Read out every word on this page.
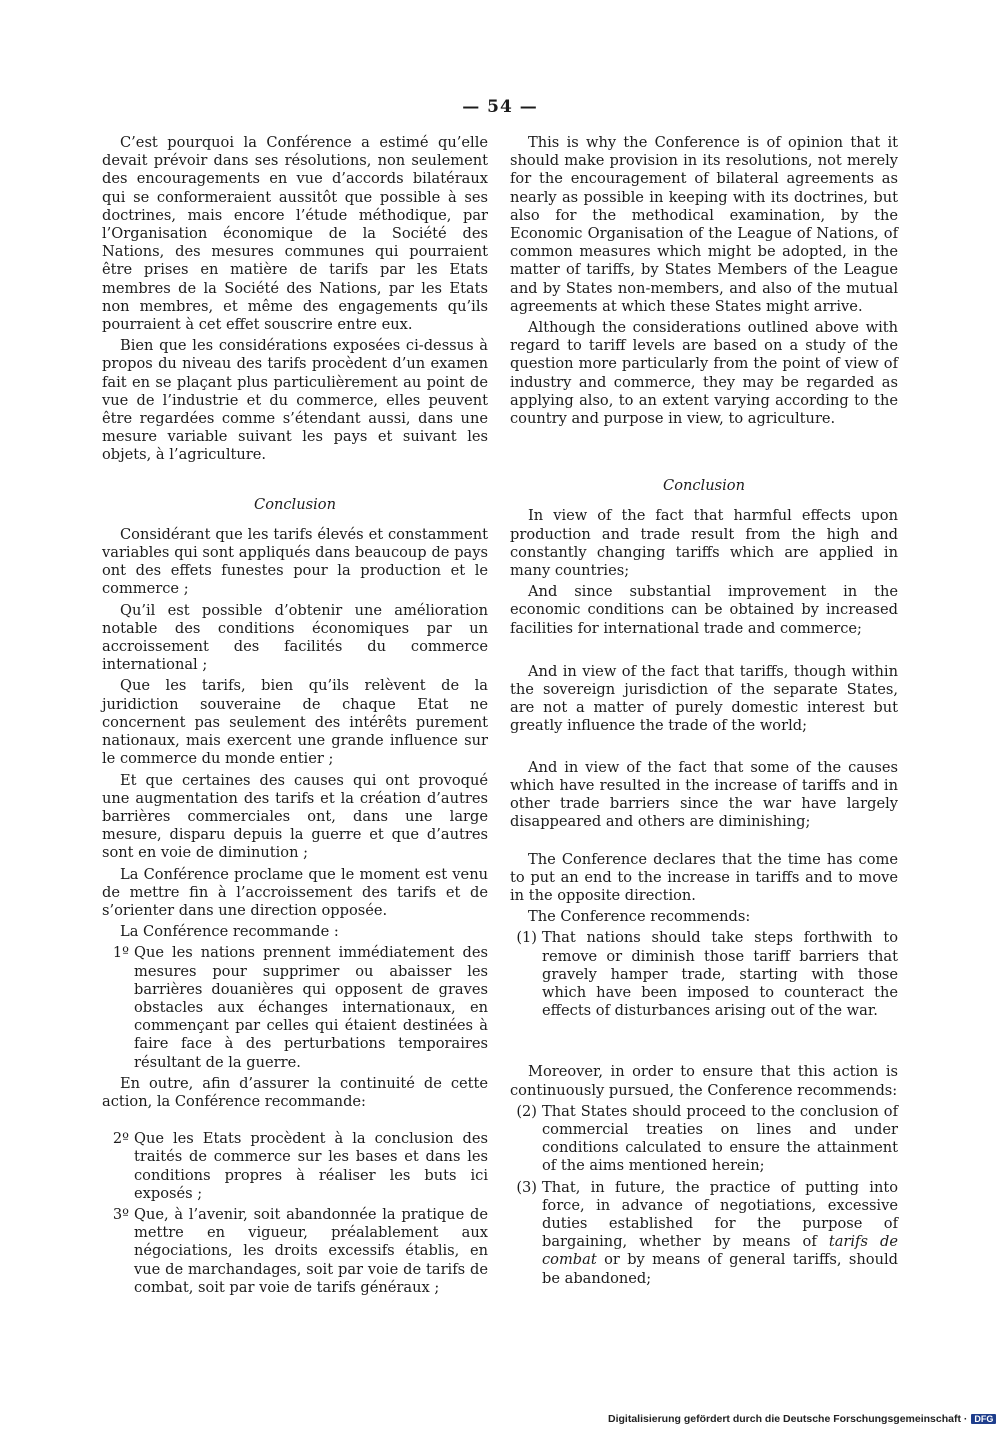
— 54 —

C’est pourquoi la Conférence a estimé qu’elle devait prévoir dans ses résolutions, non seulement des encouragements en vue d’accords bilatéraux qui se conformeraient aussitôt que possible à ses doctrines, mais encore l’étude méthodique, par l’Organisation économique de la Société des Nations, des mesures communes qui pourraient être prises en matière de tarifs par les Etats membres de la Société des Nations, par les Etats non membres, et même des engagements qu’ils pourraient à cet effet souscrire entre eux.

Bien que les considérations exposées ci-dessus à propos du niveau des tarifs procèdent d’un examen fait en se plaçant plus particulièrement au point de vue de l’industrie et du commerce, elles peuvent être regardées comme s’étendant aussi, dans une mesure variable suivant les pays et suivant les objets, à l’agriculture.

Conclusion

Considérant que les tarifs élevés et constamment variables qui sont appliqués dans beaucoup de pays ont des effets funestes pour la production et le commerce ;

Qu’il est possible d’obtenir une amélioration notable des conditions économiques par un accroissement des facilités du commerce international ;

Que les tarifs, bien qu’ils relèvent de la juridiction souveraine de chaque Etat ne concernent pas seulement des intérêts purement nationaux, mais exercent une grande influence sur le commerce du monde entier ;

Et que certaines des causes qui ont provoqué une augmentation des tarifs et la création d’autres barrières commerciales ont, dans une large mesure, disparu depuis la guerre et que d’autres sont en voie de diminution ;

La Conférence proclame que le moment est venu de mettre fin à l’accroissement des tarifs et de s’orienter dans une direction opposée.

La Conférence recommande :

1º Que les nations prennent immédiatement des mesures pour supprimer ou abaisser les barrières douanières qui opposent de graves obstacles aux échanges internationaux, en commençant par celles qui étaient destinées à faire face à des perturbations temporaires résultant de la guerre.

En outre, afin d’assurer la continuité de cette action, la Conférence recommande:

2º Que les Etats procèdent à la conclusion des traités de commerce sur les bases et dans les conditions propres à réaliser les buts ici exposés ;
3º Que, à l’avenir, soit abandonnée la pratique de mettre en vigueur, préalablement aux négociations, les droits excessifs établis, en vue de marchandages, soit par voie de tarifs de combat, soit par voie de tarifs généraux ;

This is why the Conference is of opinion that it should make provision in its resolutions, not merely for the encouragement of bilateral agreements as nearly as possible in keeping with its doctrines, but also for the methodical examination, by the Economic Organisation of the League of Nations, of common measures which might be adopted, in the matter of tariffs, by States Members of the League and by States non-members, and also of the mutual agreements at which these States might arrive.

Although the considerations outlined above with regard to tariff levels are based on a study of the question more particularly from the point of view of industry and commerce, they may be regarded as applying also, to an extent varying according to the country and purpose in view, to agriculture.

Conclusion

In view of the fact that harmful effects upon production and trade result from the high and constantly changing tariffs which are applied in many countries;

And since substantial improvement in the economic conditions can be obtained by increased facilities for international trade and commerce;

And in view of the fact that tariffs, though within the sovereign jurisdiction of the separate States, are not a matter of purely domestic interest but greatly influence the trade of the world;

And in view of the fact that some of the causes which have resulted in the increase of tariffs and in other trade barriers since the war have largely disappeared and others are diminishing;

The Conference declares that the time has come to put an end to the increase in tariffs and to move in the opposite direction.

The Conference recommends:

(1) That nations should take steps forthwith to remove or diminish those tariff barriers that gravely hamper trade, starting with those which have been imposed to counteract the effects of disturbances arising out of the war.

Moreover, in order to ensure that this action is continuously pursued, the Conference recommends:

(2) That States should proceed to the conclusion of commercial treaties on lines and under conditions calculated to ensure the attainment of the aims mentioned herein;
(3) That, in future, the practice of putting into force, in advance of negotiations, excessive duties established for the purpose of bargaining, whether by means of tarifs de combat or by means of general tariffs, should be abandoned;
Digitalisierung gefördert durch die Deutsche Forschungsgemeinschaft · DFG
